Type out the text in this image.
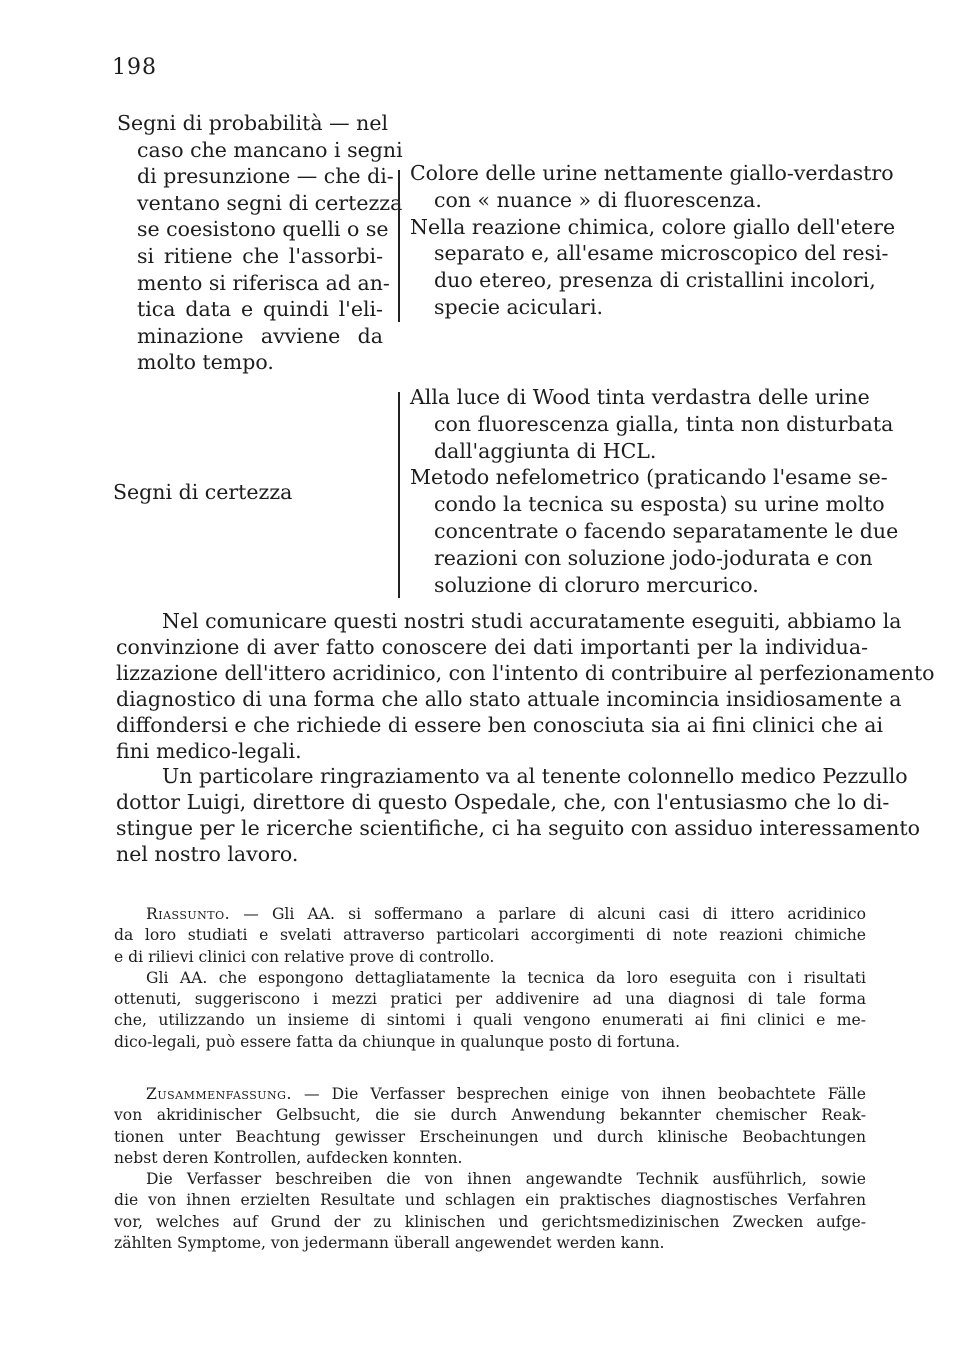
198
Segni di probabilità — nel
caso che mancano i segni
di presunzione — che di-
ventano segni di certezza
se coesistono quelli o se
si ritiene che l'assorbi-
mento si riferisca ad an-
tica data e quindi l'eli-
minazione avviene da
molto tempo.
Colore delle urine nettamente giallo-verdastro
con « nuance » di fluorescenza.
Nella reazione chimica, colore giallo dell'etere
separato e, all'esame microscopico del resi-
duo etereo, presenza di cristallini incolori,
specie aciculari.
Segni di certezza
Alla luce di Wood tinta verdastra delle urine
con fluorescenza gialla, tinta non disturbata
dall'aggiunta di HCL.
Metodo nefelometrico (praticando l'esame se-
condo la tecnica su esposta) su urine molto
concentrate o facendo separatamente le due
reazioni con soluzione jodo-jodurata e con
soluzione di cloruro mercurico.

Nel comunicare questi nostri studi accuratamente eseguiti, abbiamo la
convinzione di aver fatto conoscere dei dati importanti per la individua-
lizzazione dell'ittero acridinico, con l'intento di contribuire al perfezionamento
diagnostico di una forma che allo stato attuale incomincia insidiosamente a
diffondersi e che richiede di essere ben conosciuta sia ai fini clinici che ai
fini medico-legali.

Un particolare ringraziamento va al tenente colonnello medico Pezzullo
dottor Luigi, direttore di questo Ospedale, che, con l'entusiasmo che lo di-
stingue per le ricerche scientifiche, ci ha seguito con assiduo interessamento
nel nostro lavoro.

Riassunto. — Gli AA. si soffermano a parlare di alcuni casi di ittero acridinico
da loro studiati e svelati attraverso particolari accorgimenti di note reazioni chimiche
e di rilievi clinici con relative prove di controllo.
Gli AA. che espongono dettagliatamente la tecnica da loro eseguita con i risultati
ottenuti, suggeriscono i mezzi pratici per addivenire ad una diagnosi di tale forma
che, utilizzando un insieme di sintomi i quali vengono enumerati ai fini clinici e me-
dico-legali, può essere fatta da chiunque in qualunque posto di fortuna.
Zusammenfassung. — Die Verfasser besprechen einige von ihnen beobachtete Fälle
von akridinischer Gelbsucht, die sie durch Anwendung bekannter chemischer Reak-
tionen unter Beachtung gewisser Erscheinungen und durch klinische Beobachtungen
nebst deren Kontrollen, aufdecken konnten.
Die Verfasser beschreiben die von ihnen angewandte Technik ausführlich, sowie
die von ihnen erzielten Resultate und schlagen ein praktisches diagnostisches Verfahren
vor, welches auf Grund der zu klinischen und gerichtsmedizinischen Zwecken aufge-
zählten Symptome, von jedermann überall angewendet werden kann.
